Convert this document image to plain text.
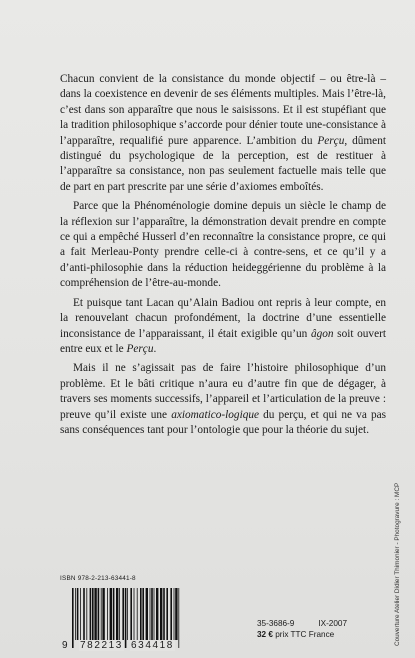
Chacun convient de la consistance du monde objectif – ou être-là – dans la coexistence en devenir de ses éléments multiples. Mais l’être-là, c’est dans son apparaître que nous le saisissons. Et il est stupéfiant que la tradition philosophique s’accorde pour dénier toute une-consistance à l’apparaître, requalifié pure apparence. L’ambition du Perçu, dûment distingué du psychologique de la perception, est de restituer à l’apparaître sa consistance, non pas seulement factuelle mais telle que de part en part prescrite par une série d’axiomes emboîtés.

Parce que la Phénoménologie domine depuis un siècle le champ de la réflexion sur l’apparaître, la démonstration devait prendre en compte ce qui a empêché Husserl d’en reconnaître la consistance propre, ce qui a fait Merleau-Ponty prendre celle-ci à contre-sens, et ce qu’il y a d’anti-philosophie dans la réduction heideggérienne du problème à la compréhension de l’être-au-monde.

Et puisque tant Lacan qu’Alain Badiou ont repris à leur compte, en la renouvelant chacun profondément, la doctrine d’une essentielle inconsistance de l’apparaissant, il était exigible qu’un âgon soit ouvert entre eux et le Perçu.

Mais il ne s’agissait pas de faire l’histoire philosophique d’un problème. Et le bâti critique n’aura eu d’autre fin que de dégager, à travers ses moments successifs, l’appareil et l’articulation de la preuve : preuve qu’il existe une axiomatico-logique du perçu, et qui ne va pas sans conséquences tant pour l’ontologie que pour la théorie du sujet.

ISBN 978-2-213-63441-8
9 782213 634418
35-3686-9	IX-2007
32 € prix TTC France	Couverture Atelier Didier Thimonier - Photogravure : MCP
